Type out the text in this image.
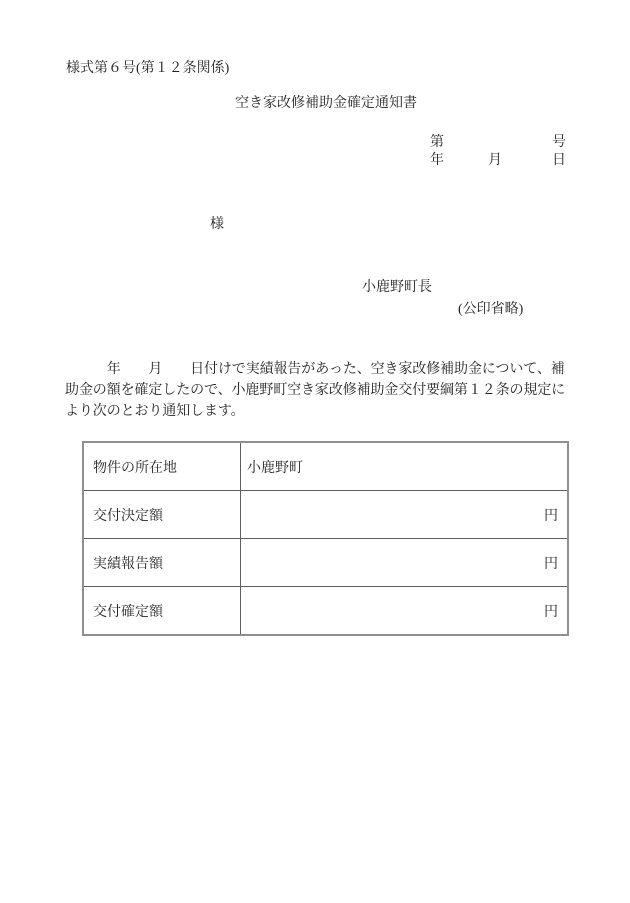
様式第６号(第１２条関係)
空き家改修補助金確定通知書
第	号
年	月	日
様
小鹿野町長
(公印省略)
　　　年　　月　　日付けで実績報告があった、空き家改修補助金について、補
助金の額を確定したので、小鹿野町空き家改修補助金交付要綱第１２条の規定に
より次のとおり通知します。
物件の所在地	小鹿野町

交付決定額	円

実績報告額	円

交付確定額	円
